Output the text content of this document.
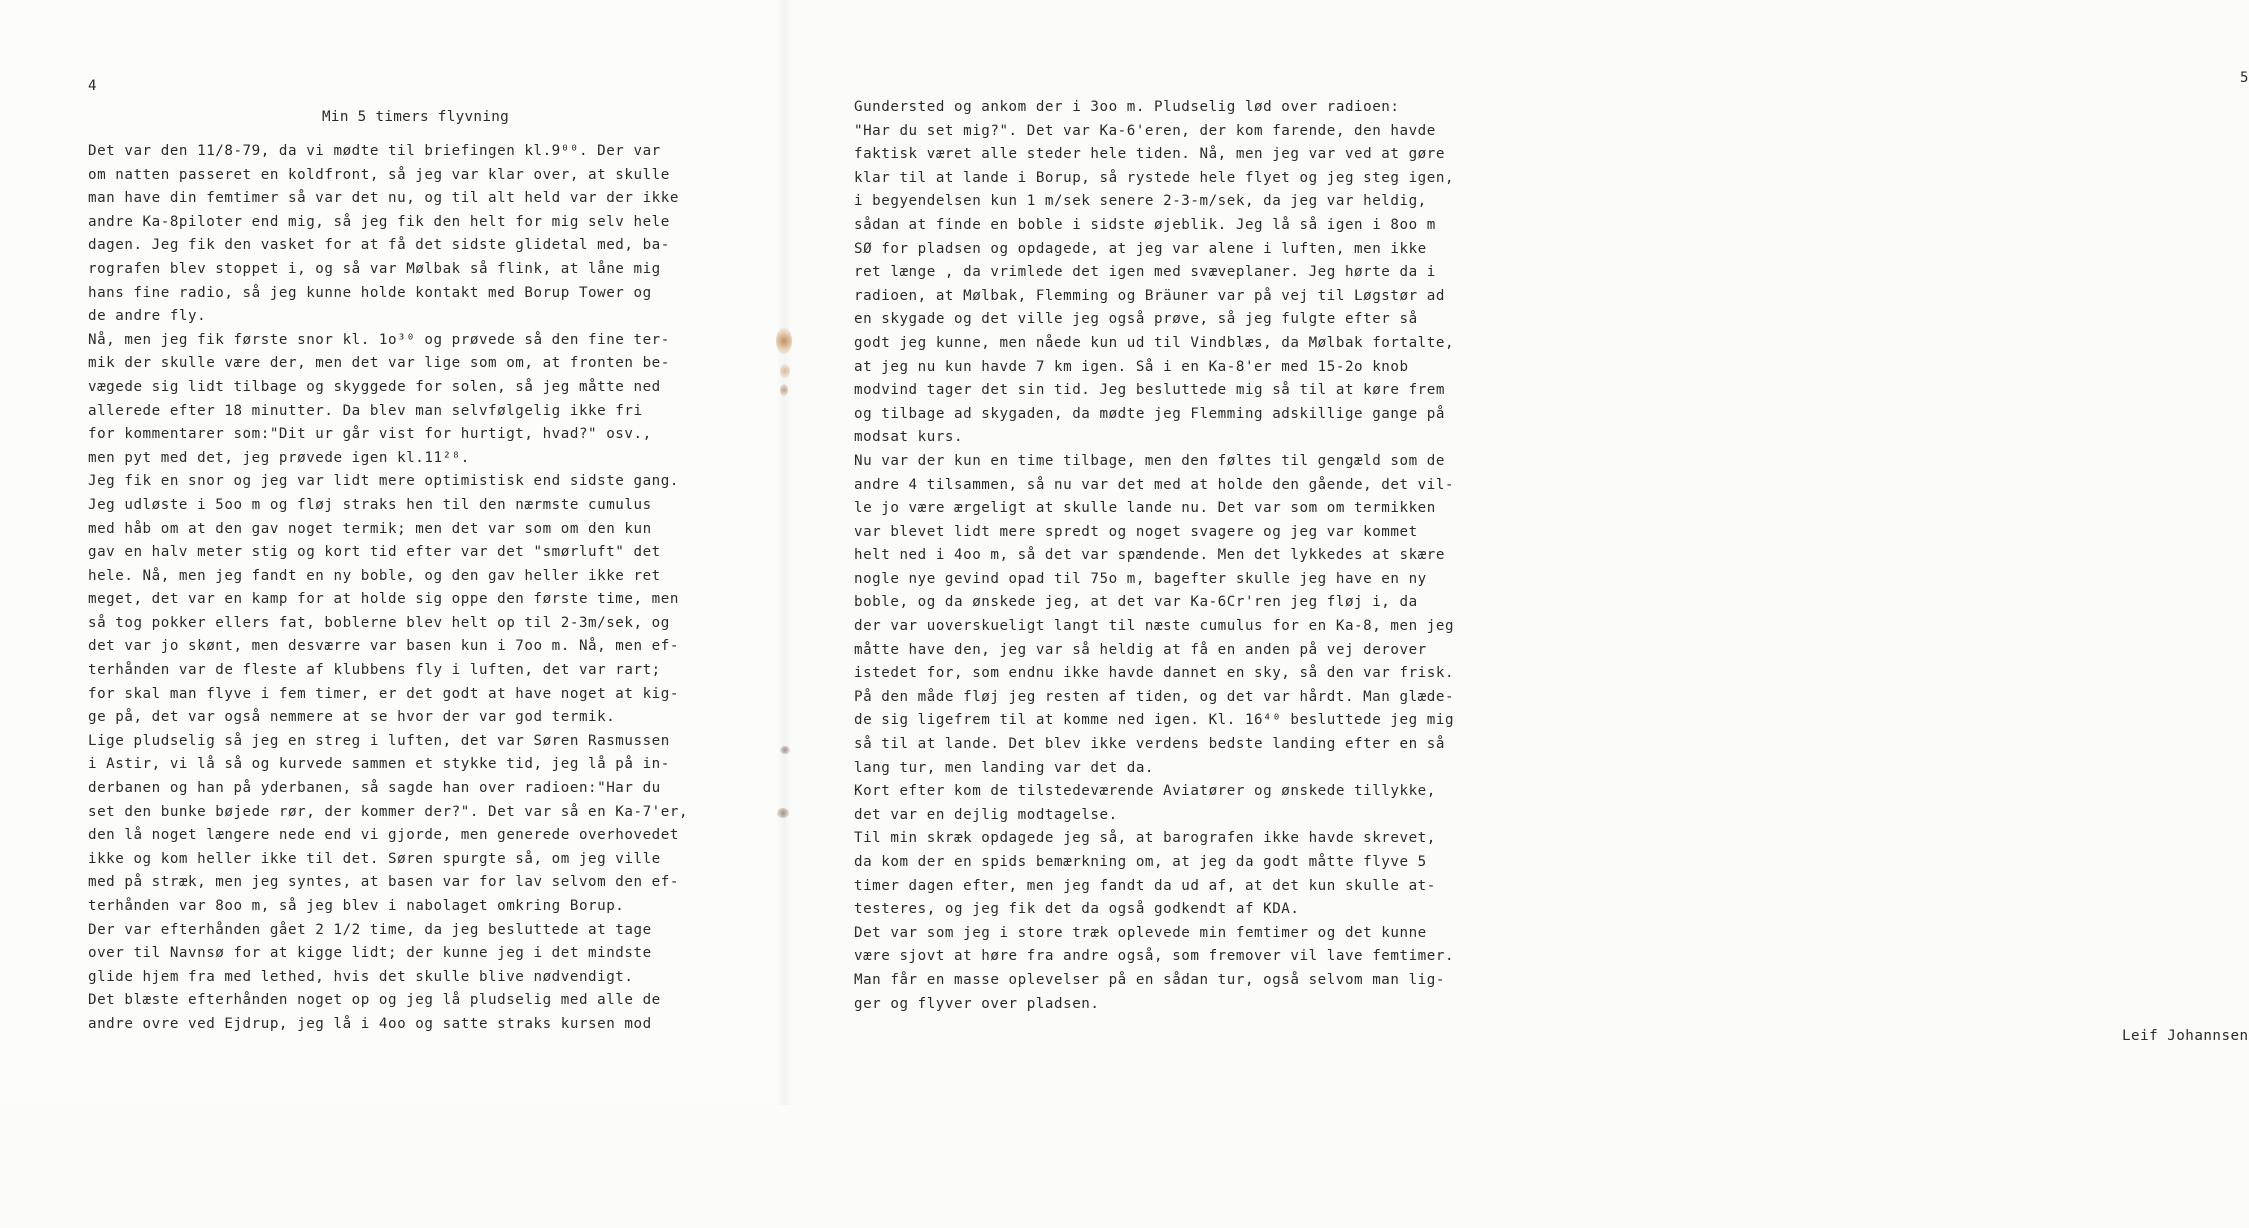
4
Min 5 timers flyvning
Det var den 11/8-79, da vi mødte til briefingen kl.9⁰⁰. Der var
om natten passeret en koldfront, så jeg var klar over, at skulle
man have din femtimer så var det nu, og til alt held var der ikke
andre Ka-8piloter end mig, så jeg fik den helt for mig selv hele
dagen. Jeg fik den vasket for at få det sidste glidetal med, ba-
rografen blev stoppet i, og så var Mølbak så flink, at låne mig
hans fine radio, så jeg kunne holde kontakt med Borup Tower og
de andre fly.
Nå, men jeg fik første snor kl. 1o³⁰ og prøvede så den fine ter-
mik der skulle være der, men det var lige som om, at fronten be-
vægede sig lidt tilbage og skyggede for solen, så jeg måtte ned
allerede efter 18 minutter. Da blev man selvfølgelig ikke fri
for kommentarer som:"Dit ur går vist for hurtigt, hvad?" osv.,
men pyt med det, jeg prøvede igen kl.11²⁸.
Jeg fik en snor og jeg var lidt mere optimistisk end sidste gang.
Jeg udløste i 5oo m og fløj straks hen til den nærmste cumulus
med håb om at den gav noget termik; men det var som om den kun
gav en halv meter stig og kort tid efter var det "smørluft" det
hele. Nå, men jeg fandt en ny boble, og den gav heller ikke ret
meget, det var en kamp for at holde sig oppe den første time, men
så tog pokker ellers fat, boblerne blev helt op til 2-3m/sek, og
det var jo skønt, men desværre var basen kun i 7oo m. Nå, men ef-
terhånden var de fleste af klubbens fly i luften, det var rart;
for skal man flyve i fem timer, er det godt at have noget at kig-
ge på, det var også nemmere at se hvor der var god termik.
Lige pludselig så jeg en streg i luften, det var Søren Rasmussen
i Astir, vi lå så og kurvede sammen et stykke tid, jeg lå på in-
derbanen og han på yderbanen, så sagde han over radioen:"Har du
set den bunke bøjede rør, der kommer der?". Det var så en Ka-7'er,
den lå noget længere nede end vi gjorde, men generede overhovedet
ikke og kom heller ikke til det. Søren spurgte så, om jeg ville
med på stræk, men jeg syntes, at basen var for lav selvom den ef-
terhånden var 8oo m, så jeg blev i nabolaget omkring Borup.
Der var efterhånden gået 2 1/2 time, da jeg besluttede at tage
over til Navnsø for at kigge lidt; der kunne jeg i det mindste
glide hjem fra med lethed, hvis det skulle blive nødvendigt.
Det blæste efterhånden noget op og jeg lå pludselig med alle de
andre ovre ved Ejdrup, jeg lå i 4oo og satte straks kursen mod
5
Leif Johannsen
Gundersted og ankom der i 3oo m. Pludselig lød over radioen:
"Har du set mig?". Det var Ka-6'eren, der kom farende, den havde
faktisk været alle steder hele tiden. Nå, men jeg var ved at gøre
klar til at lande i Borup, så rystede hele flyet og jeg steg igen,
i begyendelsen kun 1 m/sek senere 2-3-m/sek, da jeg var heldig,
sådan at finde en boble i sidste øjeblik. Jeg lå så igen i 8oo m
SØ for pladsen og opdagede, at jeg var alene i luften, men ikke
ret længe , da vrimlede det igen med svæveplaner. Jeg hørte da i
radioen, at Mølbak, Flemming og Bräuner var på vej til Løgstør ad
en skygade og det ville jeg også prøve, så jeg fulgte efter så
godt jeg kunne, men nåede kun ud til Vindblæs, da Mølbak fortalte,
at jeg nu kun havde 7 km igen. Så i en Ka-8'er med 15-2o knob
modvind tager det sin tid. Jeg besluttede mig så til at køre frem
og tilbage ad skygaden, da mødte jeg Flemming adskillige gange på
modsat kurs.
Nu var der kun en time tilbage, men den føltes til gengæld som de
andre 4 tilsammen, så nu var det med at holde den gående, det vil-
le jo være ærgeligt at skulle lande nu. Det var som om termikken
var blevet lidt mere spredt og noget svagere og jeg var kommet
helt ned i 4oo m, så det var spændende. Men det lykkedes at skære
nogle nye gevind opad til 75o m, bagefter skulle jeg have en ny
boble, og da ønskede jeg, at det var Ka-6Cr'ren jeg fløj i, da
der var uoverskueligt langt til næste cumulus for en Ka-8, men jeg
måtte have den, jeg var så heldig at få en anden på vej derover
istedet for, som endnu ikke havde dannet en sky, så den var frisk.
På den måde fløj jeg resten af tiden, og det var hårdt. Man glæde-
de sig ligefrem til at komme ned igen. Kl. 16⁴⁰ besluttede jeg mig
så til at lande. Det blev ikke verdens bedste landing efter en så
lang tur, men landing var det da.
Kort efter kom de tilstedeværende Aviatører og ønskede tillykke,
det var en dejlig modtagelse.
Til min skræk opdagede jeg så, at barografen ikke havde skrevet,
da kom der en spids bemærkning om, at jeg da godt måtte flyve 5
timer dagen efter, men jeg fandt da ud af, at det kun skulle at-
testeres, og jeg fik det da også godkendt af KDA.
Det var som jeg i store træk oplevede min femtimer og det kunne
være sjovt at høre fra andre også, som fremover vil lave femtimer.
Man får en masse oplevelser på en sådan tur, også selvom man lig-
ger og flyver over pladsen.
